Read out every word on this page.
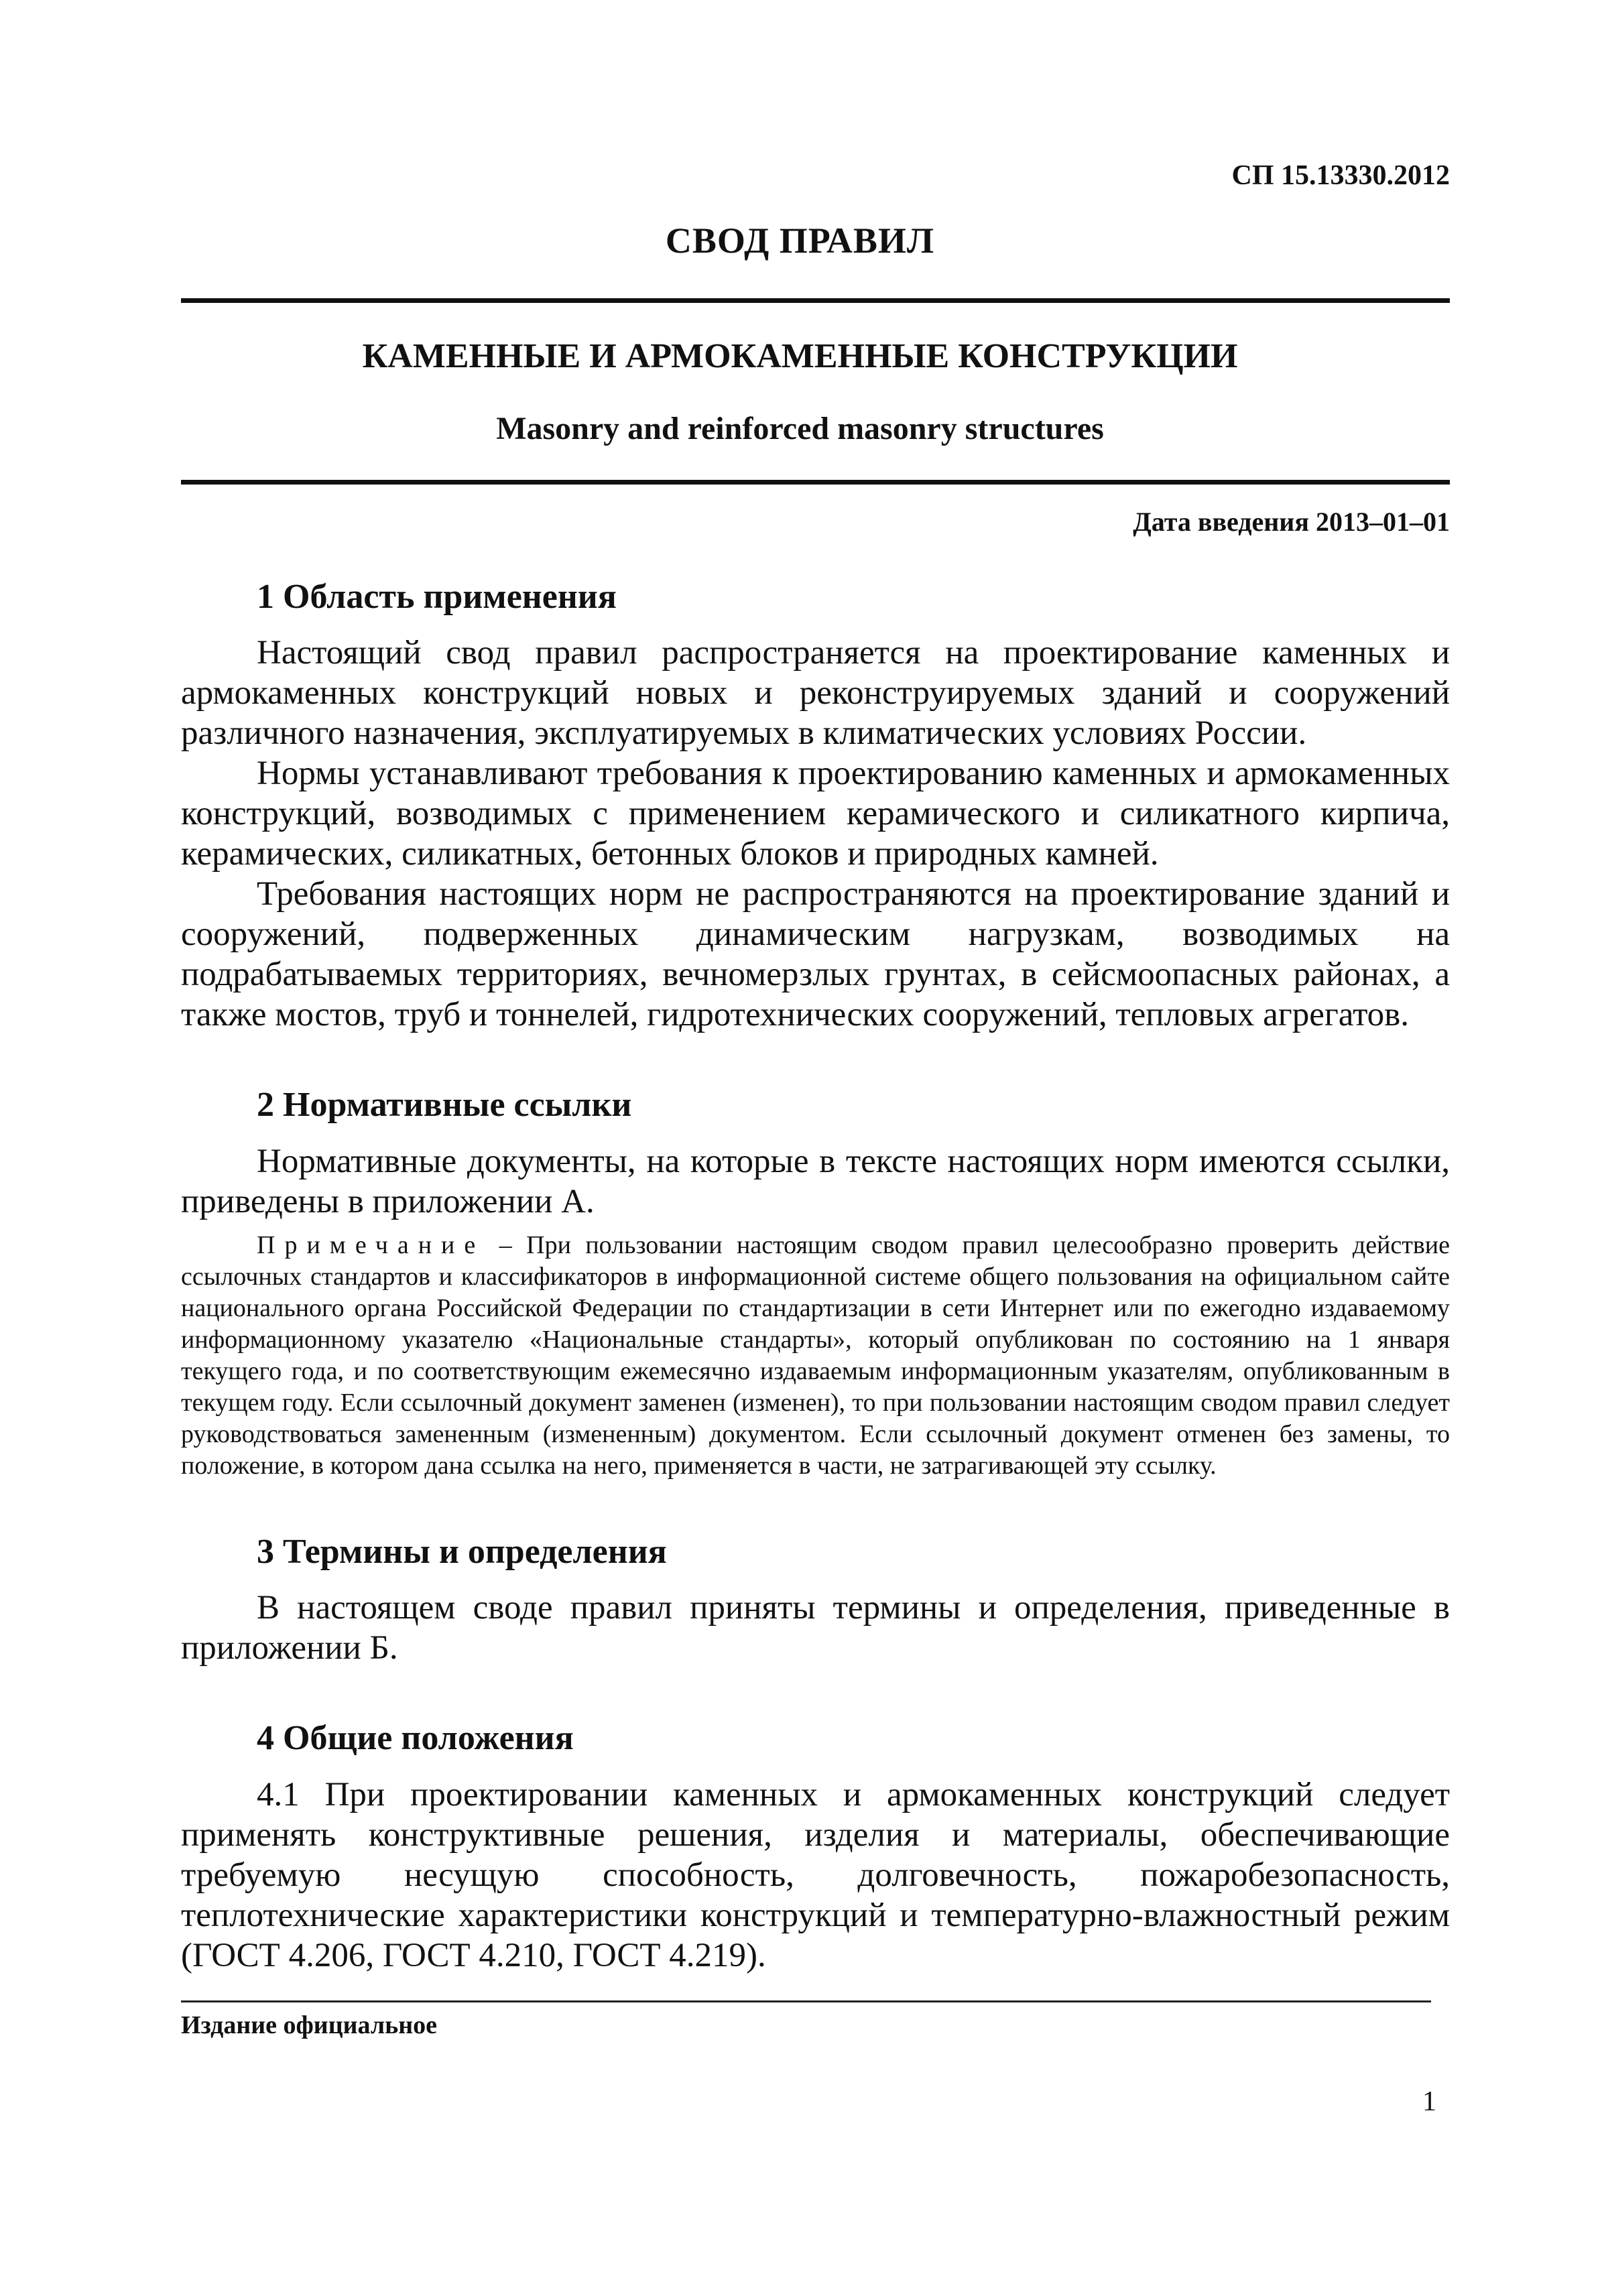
СП 15.13330.2012

СВОД ПРАВИЛ
КАМЕННЫЕ И АРМОКАМЕННЫЕ КОНСТРУКЦИИ

Masonry and reinforced masonry structures

Дата введения 2013–01–01

1 Область применения

Настоящий свод правил распространяется на проектирование каменных и армокаменных конструкций новых и реконструируемых зданий и сооружений различного назначения, эксплуатируемых в климатических условиях России.

Нормы устанавливают требования к проектированию каменных и армокаменных конструкций, возводимых с применением керамического и силикатного кирпича, керамических, силикатных, бетонных блоков и природных камней.

Требования настоящих норм не распространяются на проектирование зданий и сооружений, подверженных динамическим нагрузкам, возводимых на подрабатываемых территориях, вечномерзлых грунтах, в сейсмоопасных районах, а также мостов, труб и тоннелей, гидротехнических сооружений, тепловых агрегатов.

2 Нормативные ссылки

Нормативные документы, на которые в тексте настоящих норм имеются ссылки, приведены в приложении А.

Примечание – При пользовании настоящим сводом правил целесообразно проверить действие ссылочных стандартов и классификаторов в информационной системе общего пользования на официальном сайте национального органа Российской Федерации по стандартизации в сети Интернет или по ежегодно издаваемому информационному указателю «Национальные стандарты», который опубликован по состоянию на 1 января текущего года, и по соответствующим ежемесячно издаваемым информационным указателям, опубликованным в текущем году. Если ссылочный документ заменен (изменен), то при пользовании настоящим сводом правил следует руководствоваться замененным (измененным) документом. Если ссылочный документ отменен без замены, то положение, в котором дана ссылка на него, применяется в части, не затрагивающей эту ссылку.

3 Термины и определения

В настоящем своде правил приняты термины и определения, приведенные в приложении Б.

4 Общие положения

4.1 При проектировании каменных и армокаменных конструкций следует применять конструктивные решения, изделия и материалы, обеспечивающие требуемую несущую способность, долговечность, пожаробезопасность, теплотехнические характеристики конструкций и температурно-влажностный режим (ГОСТ 4.206, ГОСТ 4.210, ГОСТ 4.219).

Издание официальное

1
